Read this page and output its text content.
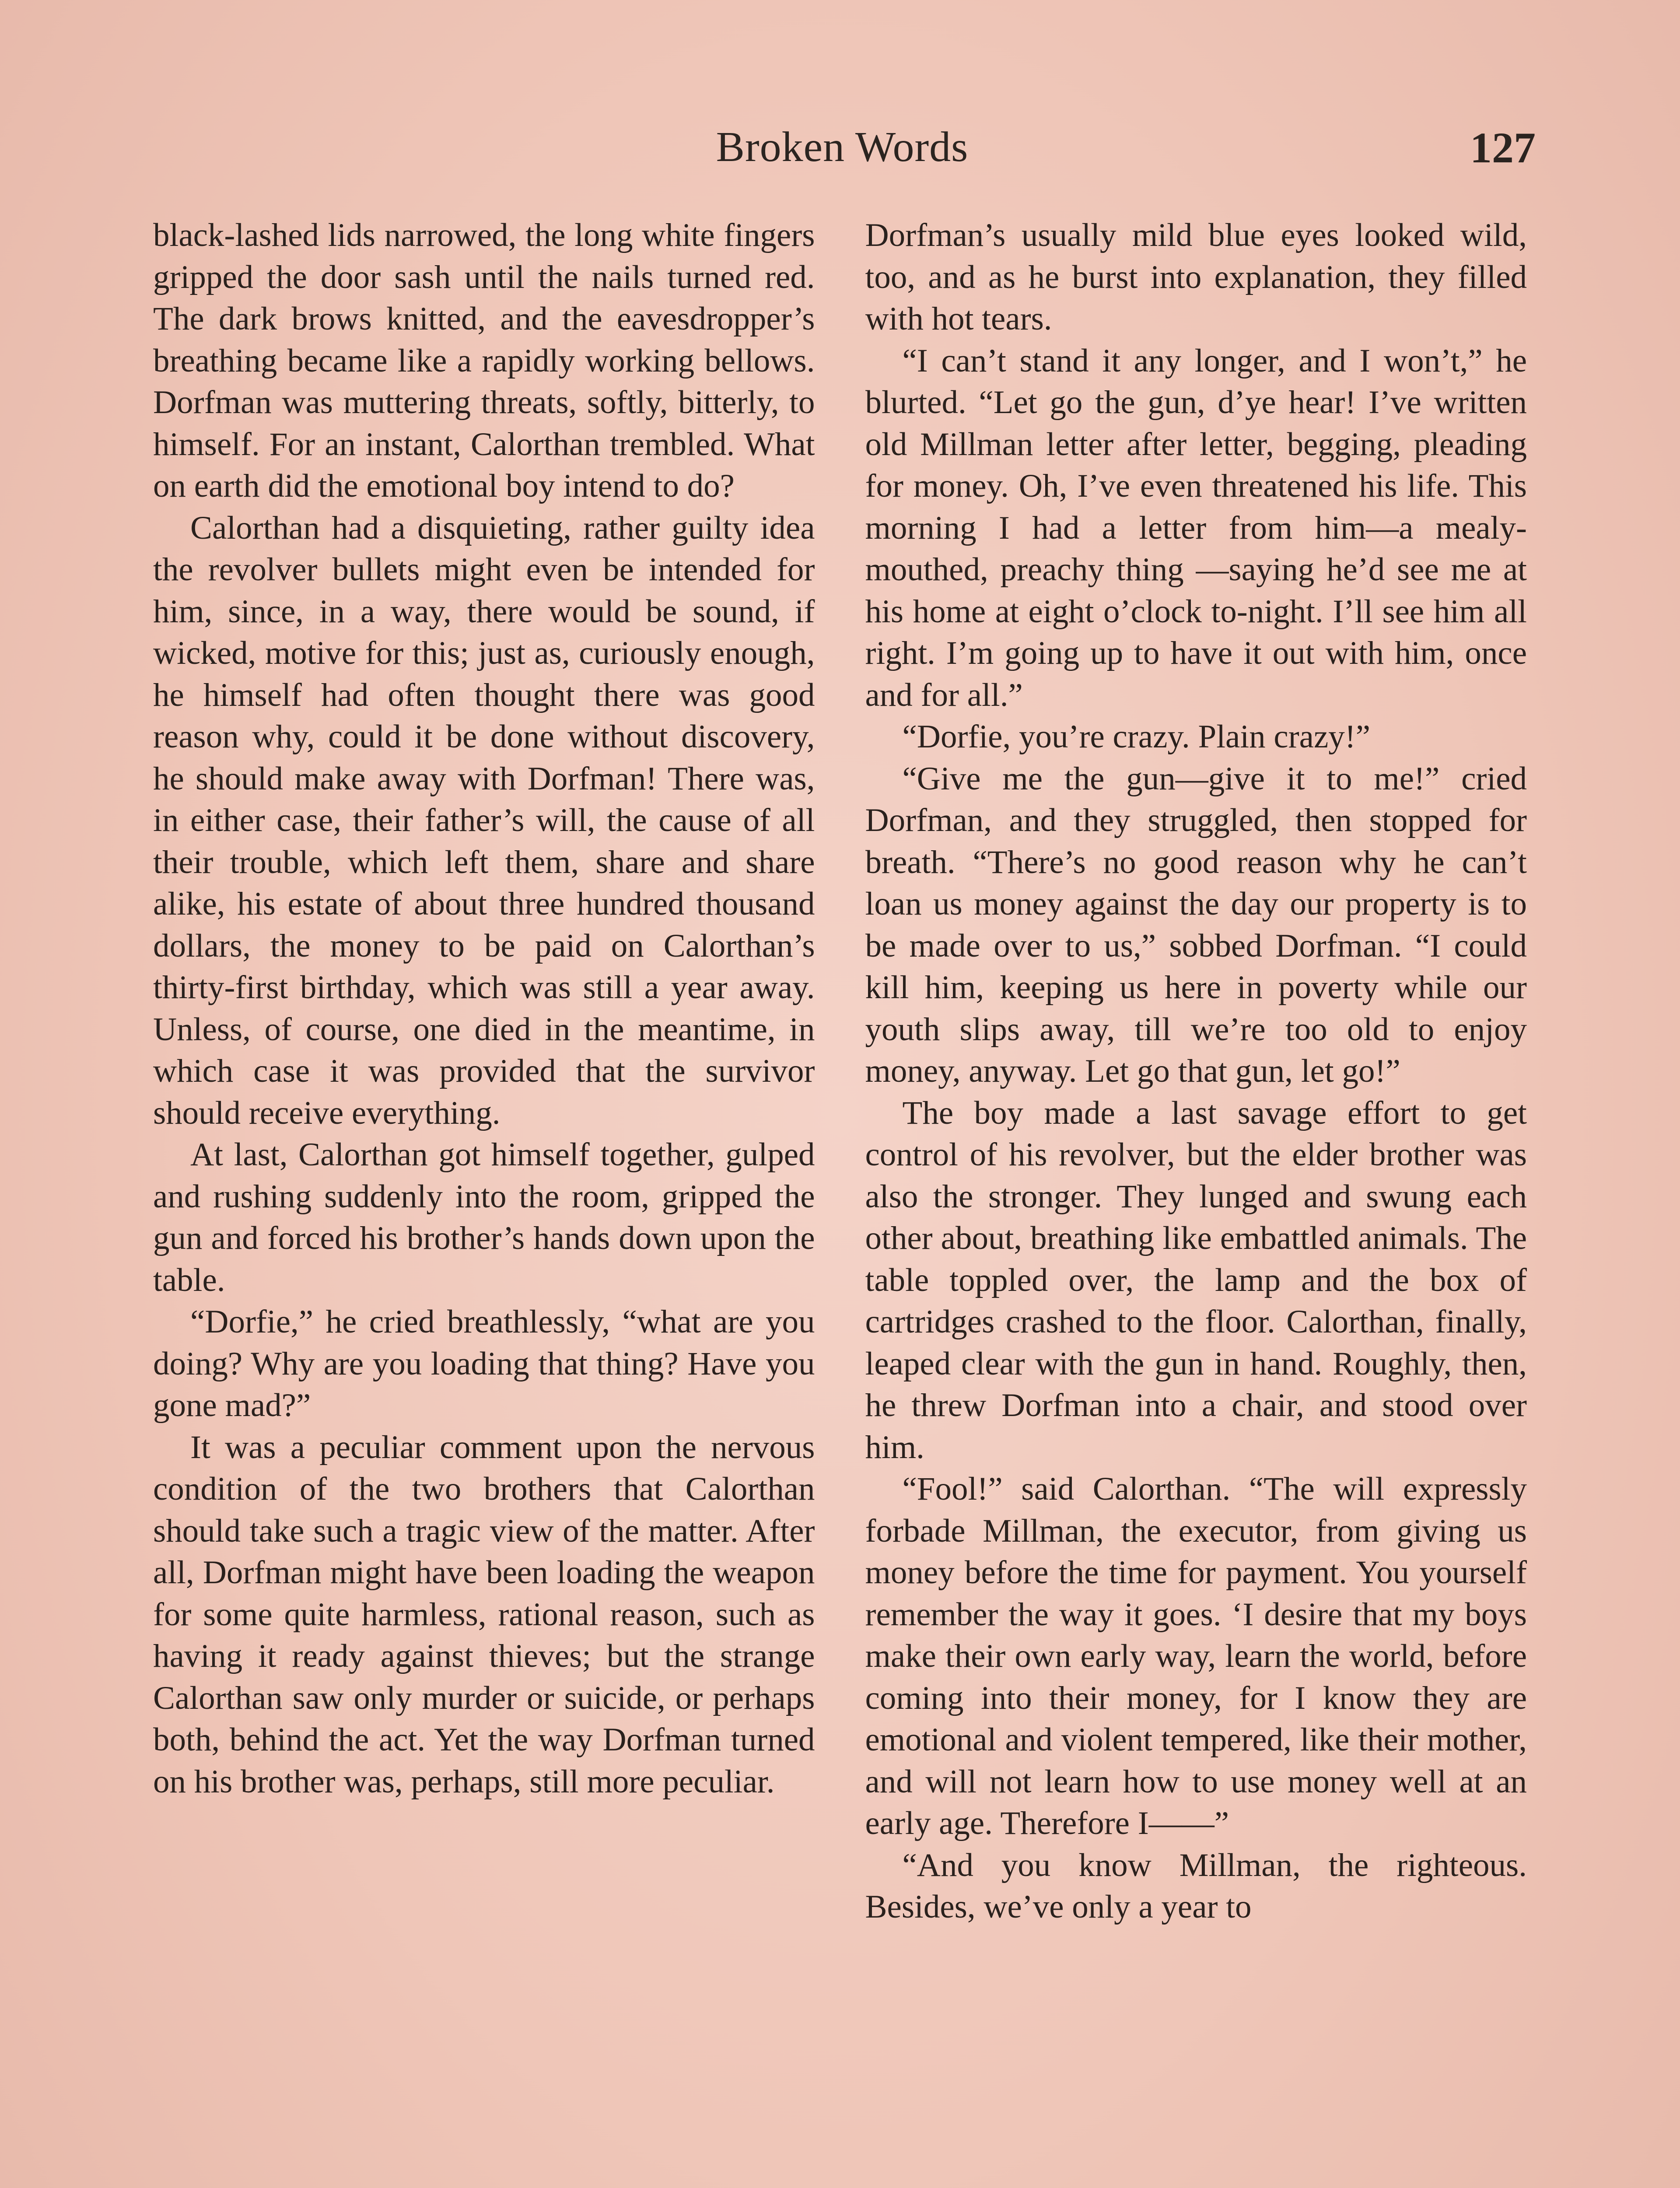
Broken Words	127

black-lashed lids narrowed, the long white fingers gripped the door sash until the nails turned red. The dark brows knitted, and the eavesdropper’s breathing became like a rapidly working bellows. Dorfman was muttering threats, softly, bitterly, to himself. For an instant, Calorthan trembled. What on earth did the emotional boy intend to do?

Calorthan had a disquieting, rather guilty idea the revolver bullets might even be intended for him, since, in a way, there would be sound, if wicked, motive for this; just as, curiously enough, he himself had often thought there was good reason why, could it be done without discovery, he should make away with Dorfman! There was, in either case, their father’s will, the cause of all their trouble, which left them, share and share alike, his estate of about three hundred thousand dollars, the money to be paid on Calorthan’s thirty-first birthday, which was still a year away. Unless, of course, one died in the meantime, in which case it was provided that the survivor should receive everything.

At last, Calorthan got himself together, gulped and rushing suddenly into the room, gripped the gun and forced his brother’s hands down upon the table.

“Dorfie,” he cried breathlessly, “what are you doing? Why are you loading that thing? Have you gone mad?”

It was a peculiar comment upon the nervous condition of the two brothers that Calorthan should take such a tragic view of the matter. After all, Dorfman might have been loading the weapon for some quite harmless, rational reason, such as having it ready against thieves; but the strange Calorthan saw only murder or suicide, or perhaps both, behind the act. Yet the way Dorfman turned on his brother was, perhaps, still more peculiar.

Dorfman’s usually mild blue eyes looked wild, too, and as he burst into explanation, they filled with hot tears.

“I can’t stand it any longer, and I won’t,” he blurted. “Let go the gun, d’ye hear! I’ve written old Millman letter after letter, begging, pleading for money. Oh, I’ve even threatened his life. This morning I had a letter from him—a mealy-mouthed, preachy thing —saying he’d see me at his home at eight o’clock to-night. I’ll see him all right. I’m going up to have it out with him, once and for all.”

“Dorfie, you’re crazy. Plain crazy!”

“Give me the gun—give it to me!” cried Dorfman, and they struggled, then stopped for breath. “There’s no good reason why he can’t loan us money against the day our property is to be made over to us,” sobbed Dorfman. “I could kill him, keeping us here in poverty while our youth slips away, till we’re too old to enjoy money, anyway. Let go that gun, let go!”

The boy made a last savage effort to get control of his revolver, but the elder brother was also the stronger. They lunged and swung each other about, breathing like embattled animals. The table toppled over, the lamp and the box of cartridges crashed to the floor. Calorthan, finally, leaped clear with the gun in hand. Roughly, then, he threw Dorfman into a chair, and stood over him.

“Fool!” said Calorthan. “The will expressly forbade Millman, the executor, from giving us money before the time for payment. You yourself remember the way it goes. ‘I desire that my boys make their own early way, learn the world, before coming into their money, for I know they are emotional and violent tempered, like their mother, and will not learn how to use money well at an early age. Therefore I——”

“And you know Millman, the righteous. Besides, we’ve only a year to
